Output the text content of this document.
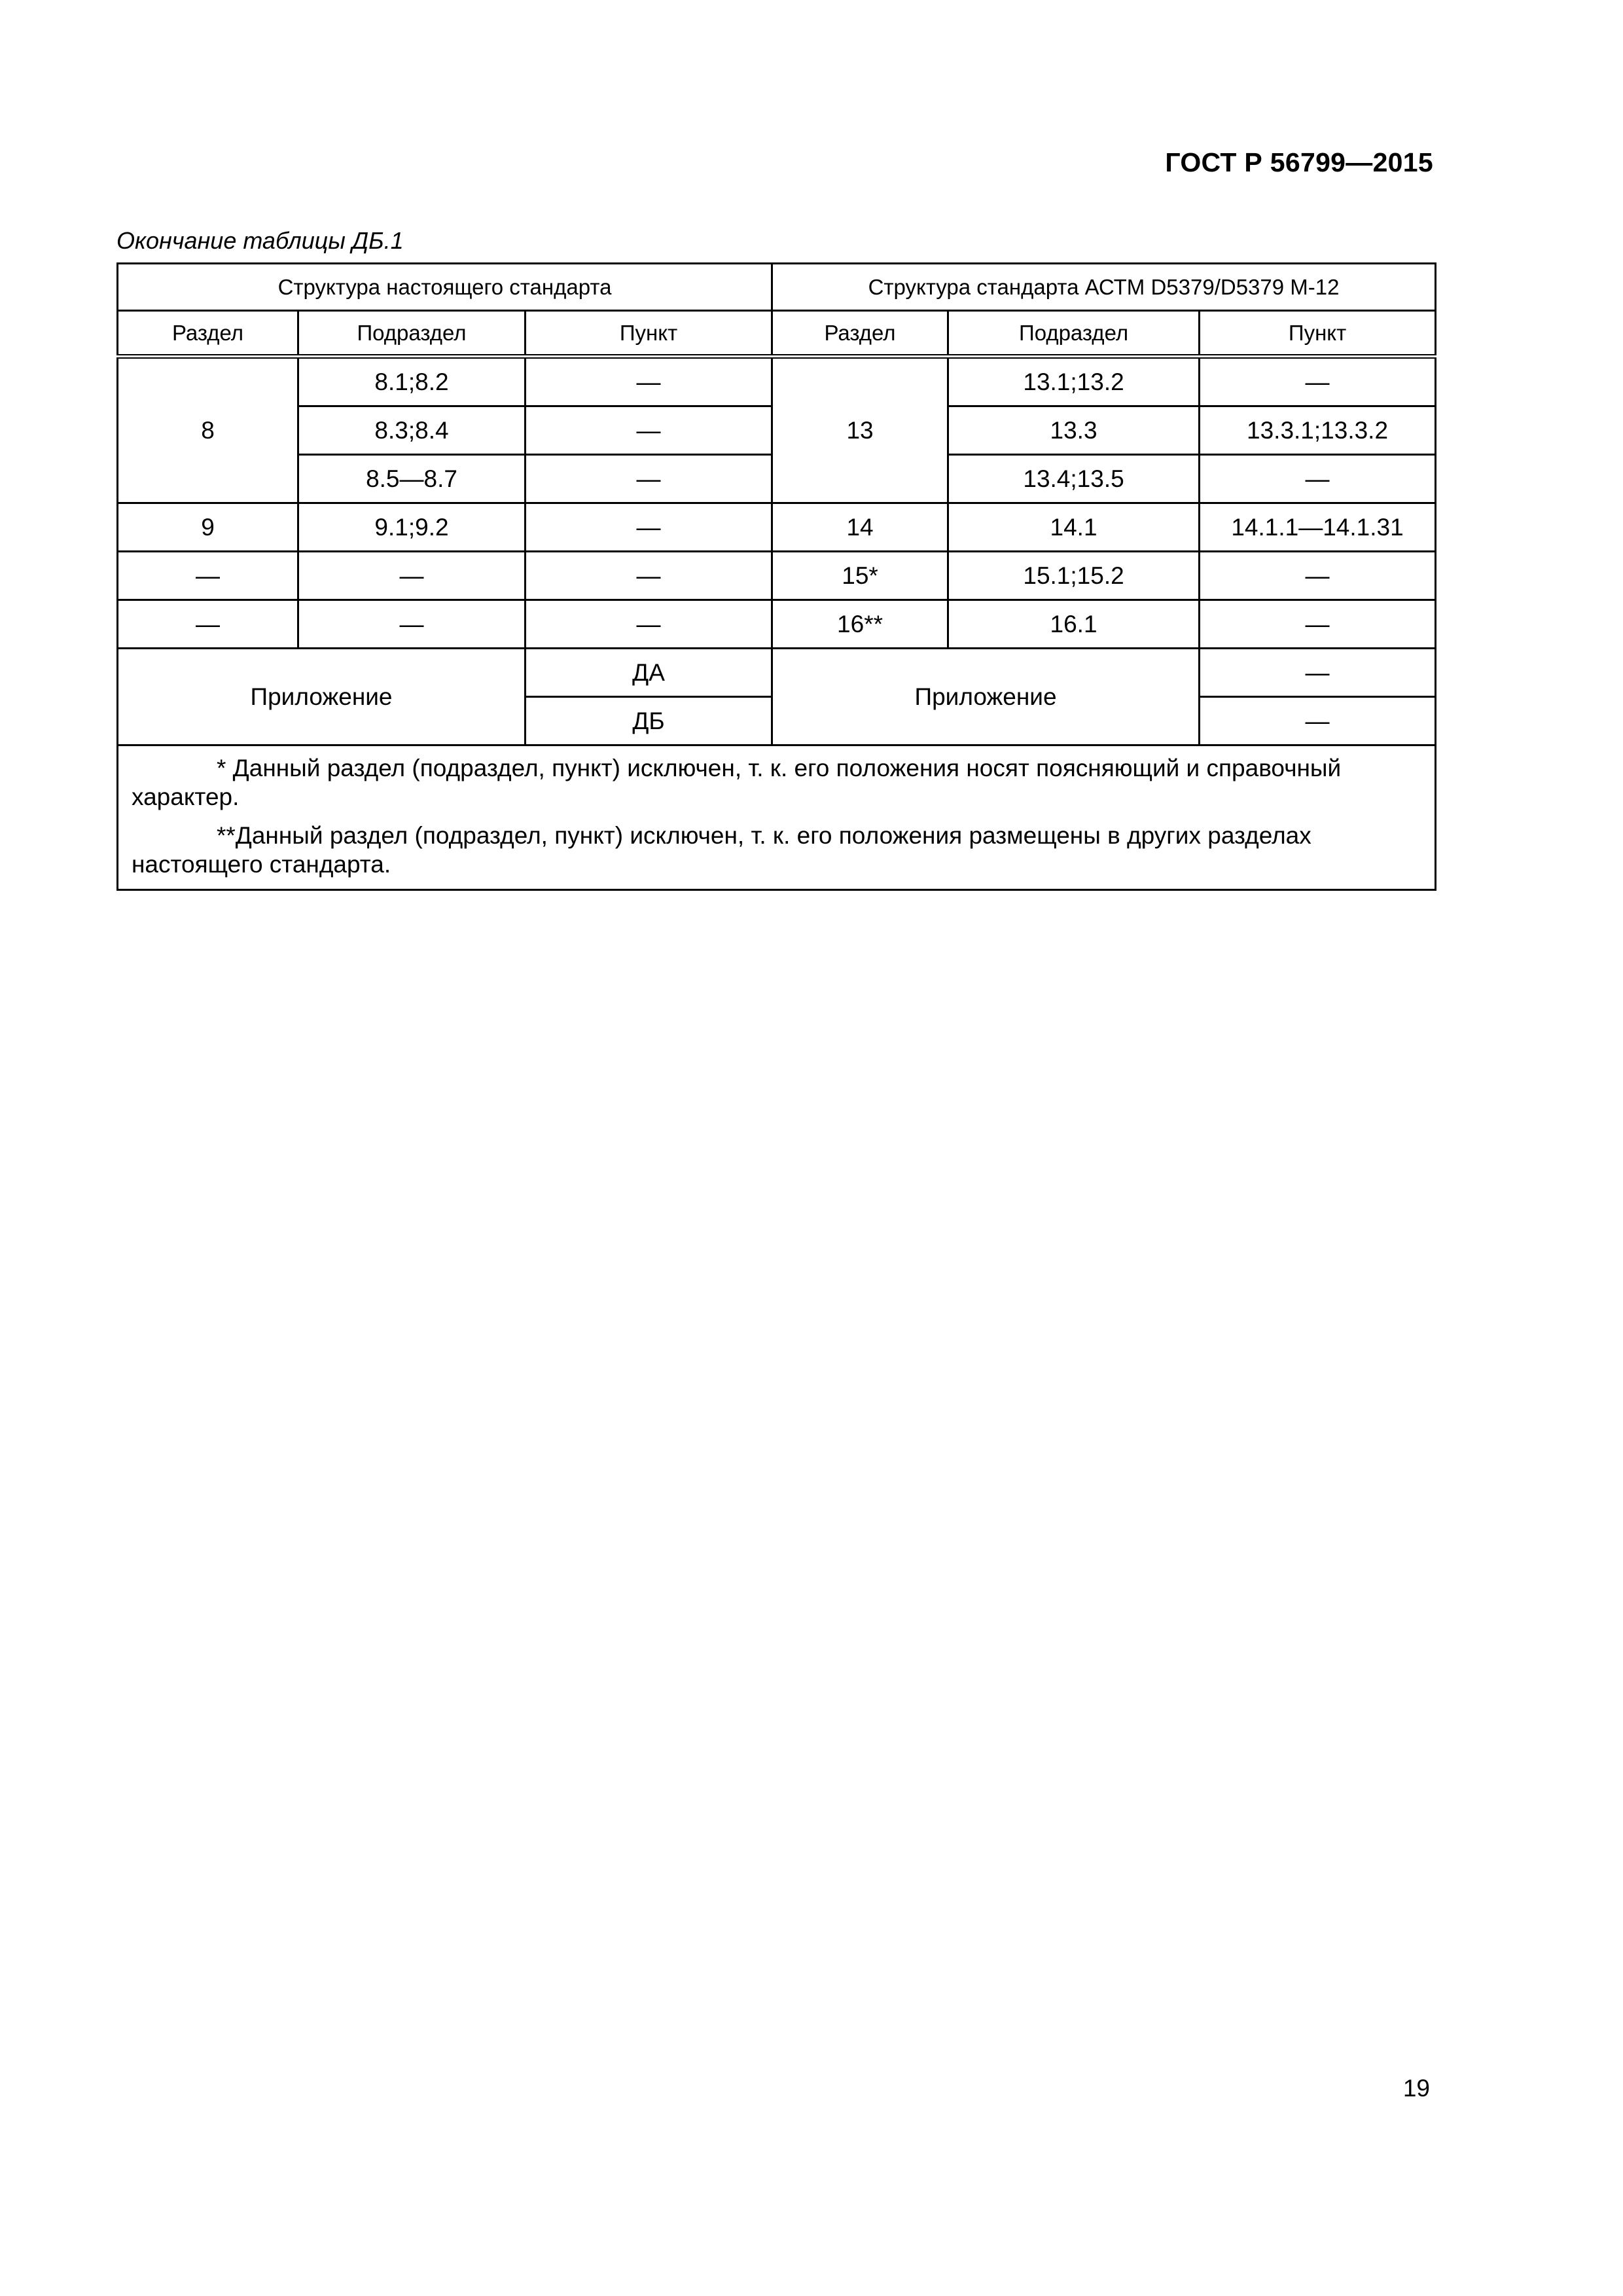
ГОСТ Р 56799—2015
Окончание таблицы ДБ.1
Структура настоящего стандарта			Структура стандарта АСТМ D5379/D5379 М-12		
Раздел	Подраздел	Пункт	Раздел	Подраздел	Пункт
8	8.1;8.2	—	13	13.1;13.2	—
	8.3;8.4	—		13.3	13.3.1;13.3.2
	8.5—8.7	—		13.4;13.5	—
9	9.1;9.2	—	14	14.1	14.1.1—14.1.31
—	—	—	15*	15.1;15.2	—
—	—	—	16**	16.1	—
Приложение		ДА	Приложение		—
		ДБ			—

* Данный раздел (подраздел, пункт) исключен, т. к. его положения носят поясняющий и справочный характер.

**Данный раздел (подраздел, пункт) исключен, т. к. его положения размещены в других разделах настоящего стандарта.					

19
